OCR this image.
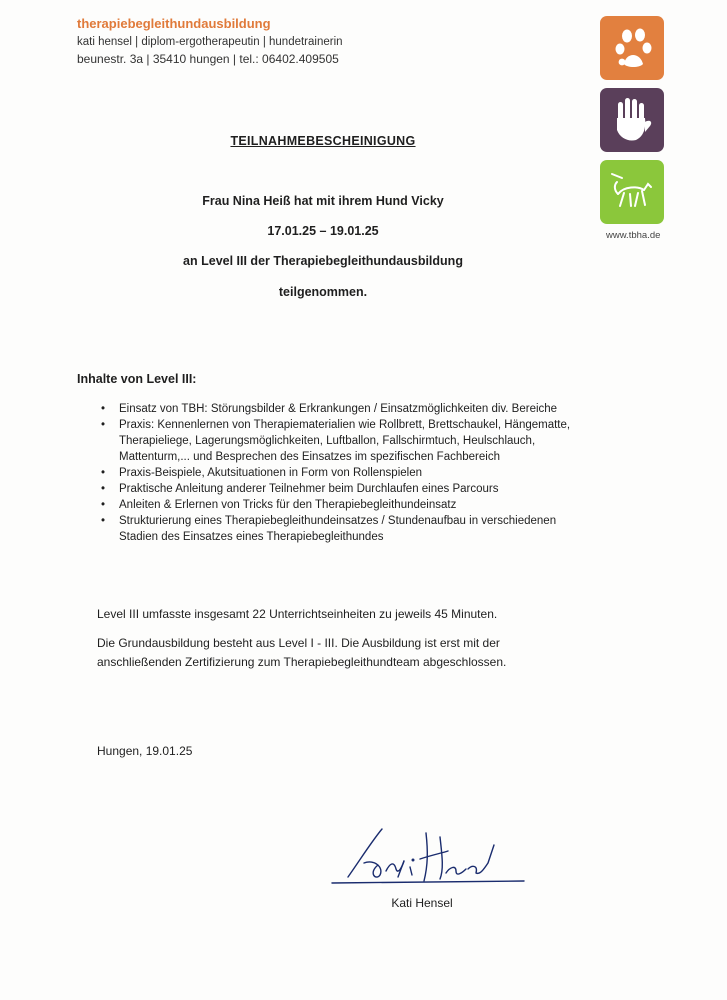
therapiebegleithundausbildung
kati hensel | diplom-ergotherapeutin | hundetrainerin
beunestr. 3a | 35410 hungen | tel.: 06402.409505
www.tbha.de
TEILNAHMEBESCHEINIGUNG
Frau Nina Heiß hat mit ihrem Hund Vicky
17.01.25 – 19.01.25
an Level III der Therapiebegleithundausbildung
teilgenommen.
Inhalte von Level III:
• Einsatz von TBH: Störungsbilder & Erkrankungen / Einsatzmöglichkeiten div. Bereiche
• Praxis: Kennenlernen von Therapiematerialien wie Rollbrett, Brettschaukel, Hängematte, Therapieliege, Lagerungsmöglichkeiten, Luftballon, Fallschirmtuch, Heulschlauch, Mattenturm,... und Besprechen des Einsatzes im spezifischen Fachbereich
• Praxis-Beispiele, Akutsituationen in Form von Rollenspielen
• Praktische Anleitung anderer Teilnehmer beim Durchlaufen eines Parcours
• Anleiten & Erlernen von Tricks für den Therapiebegleithundeinsatz
• Strukturierung eines Therapiebegleithundeinsatzes / Stundenaufbau in verschiedenen Stadien des Einsatzes eines Therapiebegleithundes
Level III umfasste insgesamt 22 Unterrichtseinheiten zu jeweils 45 Minuten.
Die Grundausbildung besteht aus Level I - III. Die Ausbildung ist erst mit der anschließenden Zertifizierung zum Therapiebegleithundteam abgeschlossen.
Hungen, 19.01.25
Kati Hensel
